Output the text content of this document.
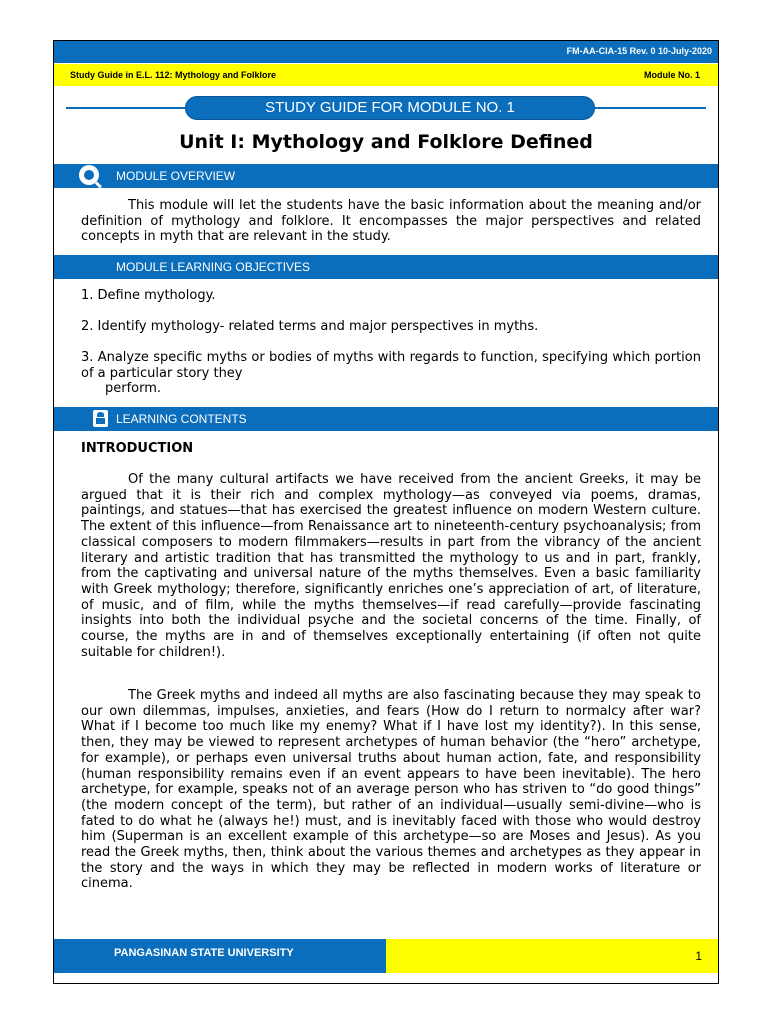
FM-AA-CIA-15 Rev. 0 10-July-2020
Study Guide in E.L. 112: Mythology and Folklore	Module No. 1
STUDY GUIDE FOR MODULE NO. 1
Unit I: Mythology and Folklore Defined
MODULE OVERVIEW
This module will let the students have the basic information about the meaning and/or definition of mythology and folklore. It encompasses the major perspectives and related concepts in myth that are relevant in the study.
MODULE LEARNING OBJECTIVES
1. Define mythology.
2. Identify mythology- related terms and major perspectives in myths.
3. Analyze specific myths or bodies of myths with regards to function, specifying which portion of a particular story they
perform.
LEARNING CONTENTS
INTRODUCTION
Of the many cultural artifacts we have received from the ancient Greeks, it may be argued that it is their rich and complex mythology—as conveyed via poems, dramas, paintings, and statues—that has exercised the greatest influence on modern Western culture. The extent of this influence—from Renaissance art to nineteenth-century psychoanalysis; from classical composers to modern filmmakers—results in part from the vibrancy of the ancient literary and artistic tradition that has transmitted the mythology to us and in part, frankly, from the captivating and universal nature of the myths themselves. Even a basic familiarity with Greek mythology; therefore, significantly enriches one’s appreciation of art, of literature, of music, and of film, while the myths themselves—if read carefully—provide fascinating insights into both the individual psyche and the societal concerns of the time. Finally, of course, the myths are in and of themselves exceptionally entertaining (if often not quite suitable for children!).
The Greek myths and indeed all myths are also fascinating because they may speak to our own dilemmas, impulses, anxieties, and fears (How do I return to normalcy after war? What if I become too much like my enemy? What if I have lost my identity?). In this sense, then, they may be viewed to represent archetypes of human behavior (the “hero” archetype, for example), or perhaps even universal truths about human action, fate, and responsibility (human responsibility remains even if an event appears to have been inevitable). The hero archetype, for example, speaks not of an average person who has striven to “do good things” (the modern concept of the term), but rather of an individual—usually semi-divine—who is fated to do what he (always he!) must, and is inevitably faced with those who would destroy him (Superman is an excellent example of this archetype—so are Moses and Jesus). As you read the Greek myths, then, think about the various themes and archetypes as they appear in the story and the ways in which they may be reflected in modern works of literature or cinema.
PANGASINAN STATE UNIVERSITY	1
